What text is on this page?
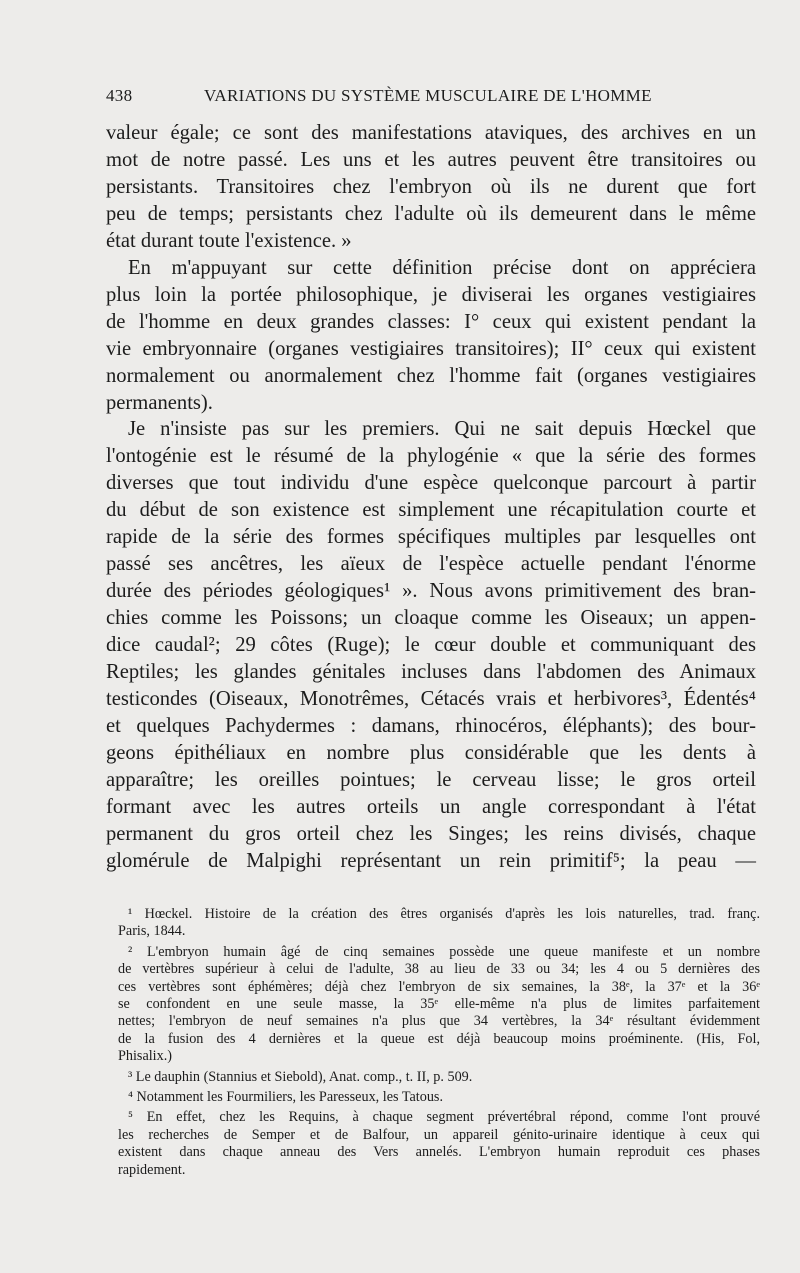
438	VARIATIONS DU SYSTÈME MUSCULAIRE DE L'HOMME
valeur égale; ce sont des manifestations ataviques, des archives en un
mot de notre passé. Les uns et les autres peuvent être transitoires ou
persistants. Transitoires chez l'embryon où ils ne durent que fort
peu de temps; persistants chez l'adulte où ils demeurent dans le même
état durant toute l'existence. »
En m'appuyant sur cette définition précise dont on appréciera
plus loin la portée philosophique, je diviserai les organes vestigiaires
de l'homme en deux grandes classes: I° ceux qui existent pendant la
vie embryonnaire (organes vestigiaires transitoires); II° ceux qui existent
normalement ou anormalement chez l'homme fait (organes vestigiaires
permanents).
Je n'insiste pas sur les premiers. Qui ne sait depuis Hœckel que
l'ontogénie est le résumé de la phylogénie « que la série des formes
diverses que tout individu d'une espèce quelconque parcourt à partir
du début de son existence est simplement une récapitulation courte et
rapide de la série des formes spécifiques multiples par lesquelles ont
passé ses ancêtres, les aïeux de l'espèce actuelle pendant l'énorme
durée des périodes géologiques¹ ». Nous avons primitivement des bran-
chies comme les Poissons; un cloaque comme les Oiseaux; un appen-
dice caudal²; 29 côtes (Ruge); le cœur double et communiquant des
Reptiles; les glandes génitales incluses dans l'abdomen des Animaux
testicondes (Oiseaux, Monotrêmes, Cétacés vrais et herbivores³, Édentés⁴
et quelques Pachydermes : damans, rhinocéros, éléphants); des bour-
geons épithéliaux en nombre plus considérable que les dents à
apparaître; les oreilles pointues; le cerveau lisse; le gros orteil
formant avec les autres orteils un angle correspondant à l'état
permanent du gros orteil chez les Singes; les reins divisés, chaque
glomérule de Malpighi représentant un rein primitif⁵; la peau —
¹ Hœckel. Histoire de la création des êtres organisés d'après les lois naturelles, trad. franç.
Paris, 1844.
² L'embryon humain âgé de cinq semaines possède une queue manifeste et un nombre
de vertèbres supérieur à celui de l'adulte, 38 au lieu de 33 ou 34; les 4 ou 5 dernières des
ces vertèbres sont éphémères; déjà chez l'embryon de six semaines, la 38ᵉ, la 37ᵉ et la 36ᵉ
se confondent en une seule masse, la 35ᵉ elle-même n'a plus de limites parfaitement
nettes; l'embryon de neuf semaines n'a plus que 34 vertèbres, la 34ᵉ résultant évidemment
de la fusion des 4 dernières et la queue est déjà beaucoup moins proéminente. (His, Fol,
Phisalix.)
³ Le dauphin (Stannius et Siebold), Anat. comp., t. II, p. 509.
⁴ Notamment les Fourmiliers, les Paresseux, les Tatous.
⁵ En effet, chez les Requins, à chaque segment prévertébral répond, comme l'ont prouvé
les recherches de Semper et de Balfour, un appareil génito-urinaire identique à ceux qui
existent dans chaque anneau des Vers annelés. L'embryon humain reproduit ces phases
rapidement.
